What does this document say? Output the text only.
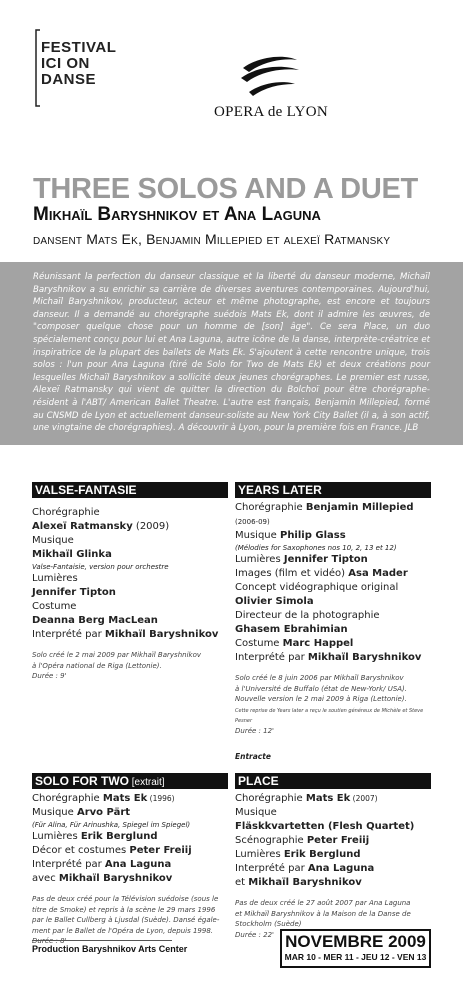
FESTIVAL
ICI ON
DANSE
OPERA de LYON
THREE SOLOS AND A DUET
Mikhaïl Baryshnikov et Ana Laguna
dansent Mats Ek, Benjamin Millepied et alexeï Ratmansky

Réunissant la perfection du danseur classique et la liberté du danseur moderne, Michaïl Baryshnikov a su enrichir sa carrière de diverses aventures contemporaines. Aujourd'hui, Michaïl Baryshnikov, producteur, acteur et même photographe, est encore et toujours danseur. Il a demandé au chorégraphe suédois Mats Ek, dont il admire les œuvres, de "composer quelque chose pour un homme de [son] âge". Ce sera Place, un duo spécialement conçu pour lui et Ana Laguna, autre icône de la danse, interprète-créatrice et inspiratrice de la plupart des ballets de Mats Ek. S'ajoutent à cette rencontre unique, trois solos : l'un pour Ana Laguna (tiré de Solo for Two de Mats Ek) et deux créations pour lesquelles Michaïl Baryshnikov a sollicité deux jeunes chorégraphes. Le premier est russe, Alexeï Ratmansky qui vient de quitter la direction du Bolchoï pour être chorégraphe-résident à l'ABT/ American Ballet Theatre. L'autre est français, Benjamin Millepied, formé au CNSMD de Lyon et actuellement danseur-soliste au New York City Ballet (il a, à son actif, une vingtaine de chorégraphies). A découvrir à Lyon, pour la première fois en France. JLB

VALSE-FANTASIE

Chorégraphie

Alexeï Ratmansky (2009)

Musique

Mikhaïl Glinka

Valse-Fantaisie, version pour orchestre

Lumières

Jennifer Tipton

Costume

Deanna Berg MacLean

Interprété par Mikhaïl Baryshnikov

Solo créé le 2 mai 2009 par Mikhaïl Baryshnikov
à l'Opéra national de Riga (Lettonie).
Durée : 9'

YEARS LATER

Chorégraphie Benjamin Millepied (2006-09)

Musique Philip Glass

(Mélodies for Saxophones nos 10, 2, 13 et 12)

Lumières Jennifer Tipton

Images (film et vidéo) Asa Mader

Concept vidéographique original

Olivier Simola

Directeur de la photographie

Ghasem Ebrahimian

Costume Marc Happel

Interprété par Mikhaïl Baryshnikov

Solo créé le 8 juin 2006 par Mikhaïl Baryshnikov
à l'Université de Buffalo (état de New-York/ USA).
Nouvelle version le 2 mai 2009 à Riga (Lettonie).
Cette reprise de Years later a reçu le soutien généreux de Michèle et Steve Pesner
Durée : 12'

Entracte

SOLO FOR TWO [extrait]

Chorégraphie Mats Ek (1996)

Musique Arvo Pärt

(Für Alina, Für Arinushka, Spiegel im Spiegel)

Lumières Erik Berglund

Décor et costumes Peter Freiij

Interprété par Ana Laguna

avec Mikhaïl Baryshnikov

Pas de deux créé pour la Télévision suédoise (sous le
titre de Smoke) et repris à la scène le 29 mars 1996
par le Ballet Cullberg à Ljusdal (Suède). Dansé égale-
ment par le Ballet de l'Opéra de Lyon, depuis 1998.
Durée : 8'

PLACE

Chorégraphie Mats Ek (2007)

Musique

Fläskkvartetten (Flesh Quartet)

Scénographie Peter Freiij

Lumières Erik Berglund

Interprété par Ana Laguna

et Mikhaïl Baryshnikov

Pas de deux créé le 27 août 2007 par Ana Laguna
et Mikhaïl Baryshnikov à la Maison de la Danse de
Stockholm (Suède)
Durée : 22'

Production Baryshnikov Arts Center	NOVEMBRE 2009
MAR 10 - MER 11 - JEU 12 - VEN 13
